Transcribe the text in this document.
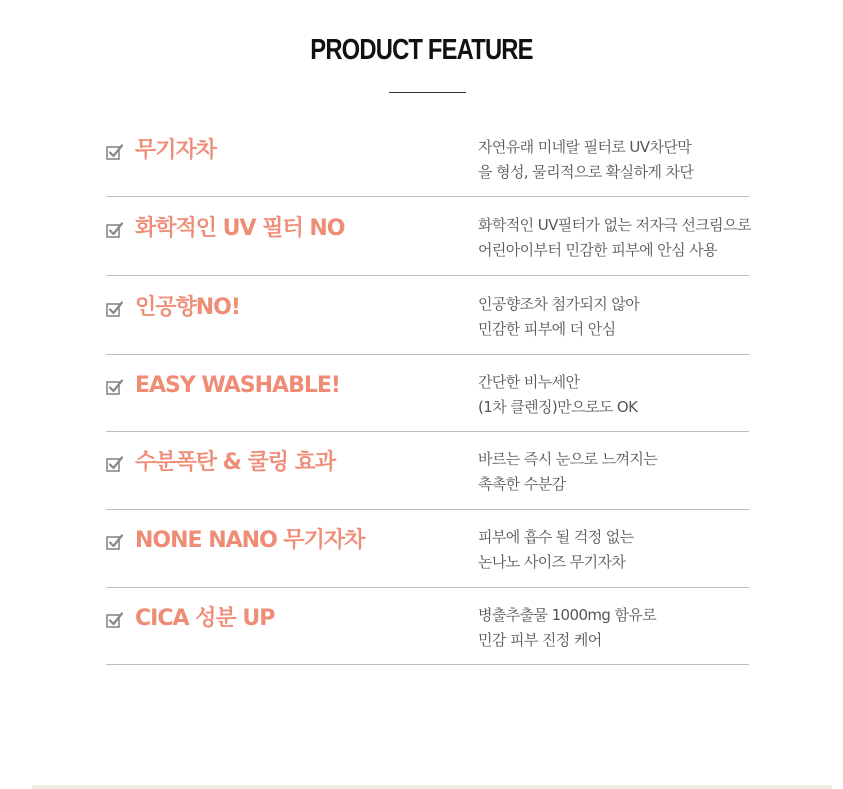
PRODUCT FEATURE
무기자차	자연유래 미네랄 필터로 UV차단막
을 형성, 물리적으로 확실하게 차단
화학적인 UV 필터 NO	화학적인 UV필터가 없는 저자극 선크림으로
어린아이부터 민감한 피부에 안심 사용
인공향NO!	인공향조차 첨가되지 않아
민감한 피부에 더 안심
EASY WASHABLE!	간단한 비누세안
(1차 클렌징)만으로도 OK
수분폭탄 & 쿨링 효과	바르는 즉시 눈으로 느껴지는
촉촉한 수분감
NONE NANO 무기자차	피부에 흡수 될 걱정 없는
논나노 사이즈 무기자차
CICA 성분 UP	병출추출물 1000mg 함유로
민감 피부 진정 케어
